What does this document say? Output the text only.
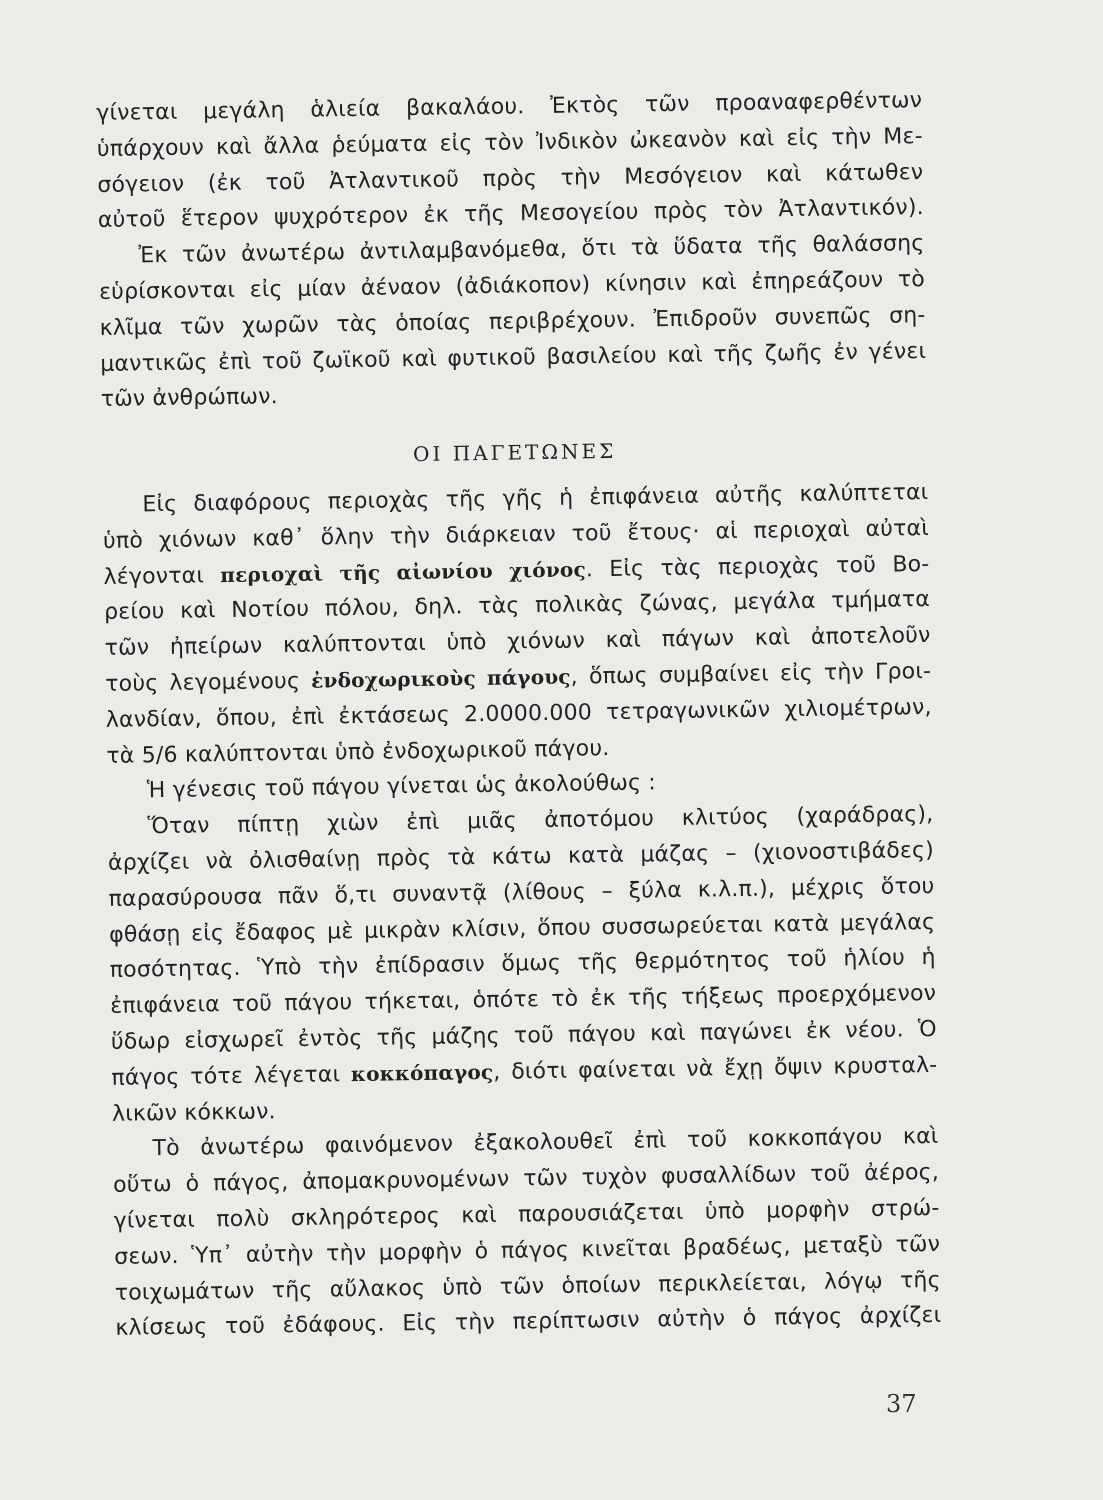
γίνεται μεγάλη ἁλιεία βακαλάου. Ἐκτὸς τῶν προαναφερθέντων
ὑπάρχουν καὶ ἄλλα ῥεύματα εἰς τὸν Ἰνδικὸν ὠκεανὸν καὶ εἰς τὴν Με-
σόγειον (ἐκ τοῦ Ἀτλαντικοῦ πρὸς τὴν Μεσόγειον καὶ κάτωθεν
αὐτοῦ ἕτερον ψυχρότερον ἐκ τῆς Μεσογείου πρὸς τὸν Ἀτλαντικόν).
Ἐκ τῶν ἀνωτέρω ἀντιλαμβανόμεθα, ὅτι τὰ ὕδατα τῆς θαλάσσης
εὑρίσκονται εἰς μίαν ἀέναον (ἀδιάκοπον) κίνησιν καὶ ἐπηρεάζουν τὸ
κλῖμα τῶν χωρῶν τὰς ὁποίας περιβρέχουν. Ἐπιδροῦν συνεπῶς ση-
μαντικῶς ἐπὶ τοῦ ζωϊκοῦ καὶ φυτικοῦ βασιλείου καὶ τῆς ζωῆς ἐν γένει
τῶν ἀνθρώπων.
ΟΙ ΠΑΓΕΤΩΝΕΣ
Εἰς διαφόρους περιοχὰς τῆς γῆς ἡ ἐπιφάνεια αὐτῆς καλύπτεται
ὑπὸ χιόνων καθ᾽ ὅλην τὴν διάρκειαν τοῦ ἔτους· αἱ περιοχαὶ αὐταὶ
λέγονται περιοχαὶ τῆς αἰωνίου χιόνος. Εἰς τὰς περιοχὰς τοῦ Βο-
ρείου καὶ Νοτίου πόλου, δηλ. τὰς πολικὰς ζώνας, μεγάλα τμήματα
τῶν ἠπείρων καλύπτονται ὑπὸ χιόνων καὶ πάγων καὶ ἀποτελοῦν
τοὺς λεγομένους ἐνδοχωρικοὺς πάγους, ὅπως συμβαίνει εἰς τὴν Γροι-
λανδίαν, ὅπου, ἐπὶ ἐκτάσεως 2.0000.000 τετραγωνικῶν χιλιομέτρων,
τὰ 5/6 καλύπτονται ὑπὸ ἐνδοχωρικοῦ πάγου.
Ἡ γένεσις τοῦ πάγου γίνεται ὡς ἀκολούθως :
Ὅταν πίπτῃ χιὼν ἐπὶ μιᾶς ἀποτόμου κλιτύος (χαράδρας),
ἀρχίζει νὰ ὀλισθαίνῃ πρὸς τὰ κάτω κατὰ μάζας – (χιονοστιβάδες)
παρασύρουσα πᾶν ὅ,τι συναντᾷ (λίθους – ξύλα κ.λ.π.), μέχρις ὅτου
φθάσῃ εἰς ἔδαφος μὲ μικρὰν κλίσιν, ὅπου συσσωρεύεται κατὰ μεγάλας
ποσότητας. Ὑπὸ τὴν ἐπίδρασιν ὅμως τῆς θερμότητος τοῦ ἡλίου ἡ
ἐπιφάνεια τοῦ πάγου τήκεται, ὁπότε τὸ ἐκ τῆς τήξεως προερχόμενον
ὕδωρ εἰσχωρεῖ ἐντὸς τῆς μάζης τοῦ πάγου καὶ παγώνει ἐκ νέου. Ὁ
πάγος τότε λέγεται κοκκόπαγος, διότι φαίνεται νὰ ἔχῃ ὄψιν κρυσταλ-
λικῶν κόκκων.
Τὸ ἀνωτέρω φαινόμενον ἐξακολουθεῖ ἐπὶ τοῦ κοκκοπάγου καὶ
οὕτω ὁ πάγος, ἀπομακρυνομένων τῶν τυχὸν φυσαλλίδων τοῦ ἀέρος,
γίνεται πολὺ σκληρότερος καὶ παρουσιάζεται ὑπὸ μορφὴν στρώ-
σεων. Ὑπ᾽ αὐτὴν τὴν μορφὴν ὁ πάγος κινεῖται βραδέως, μεταξὺ τῶν
τοιχωμάτων τῆς αὔλακος ὑπὸ τῶν ὁποίων περικλείεται, λόγῳ τῆς
κλίσεως τοῦ ἐδάφους. Εἰς τὴν περίπτωσιν αὐτὴν ὁ πάγος ἀρχίζει
37
